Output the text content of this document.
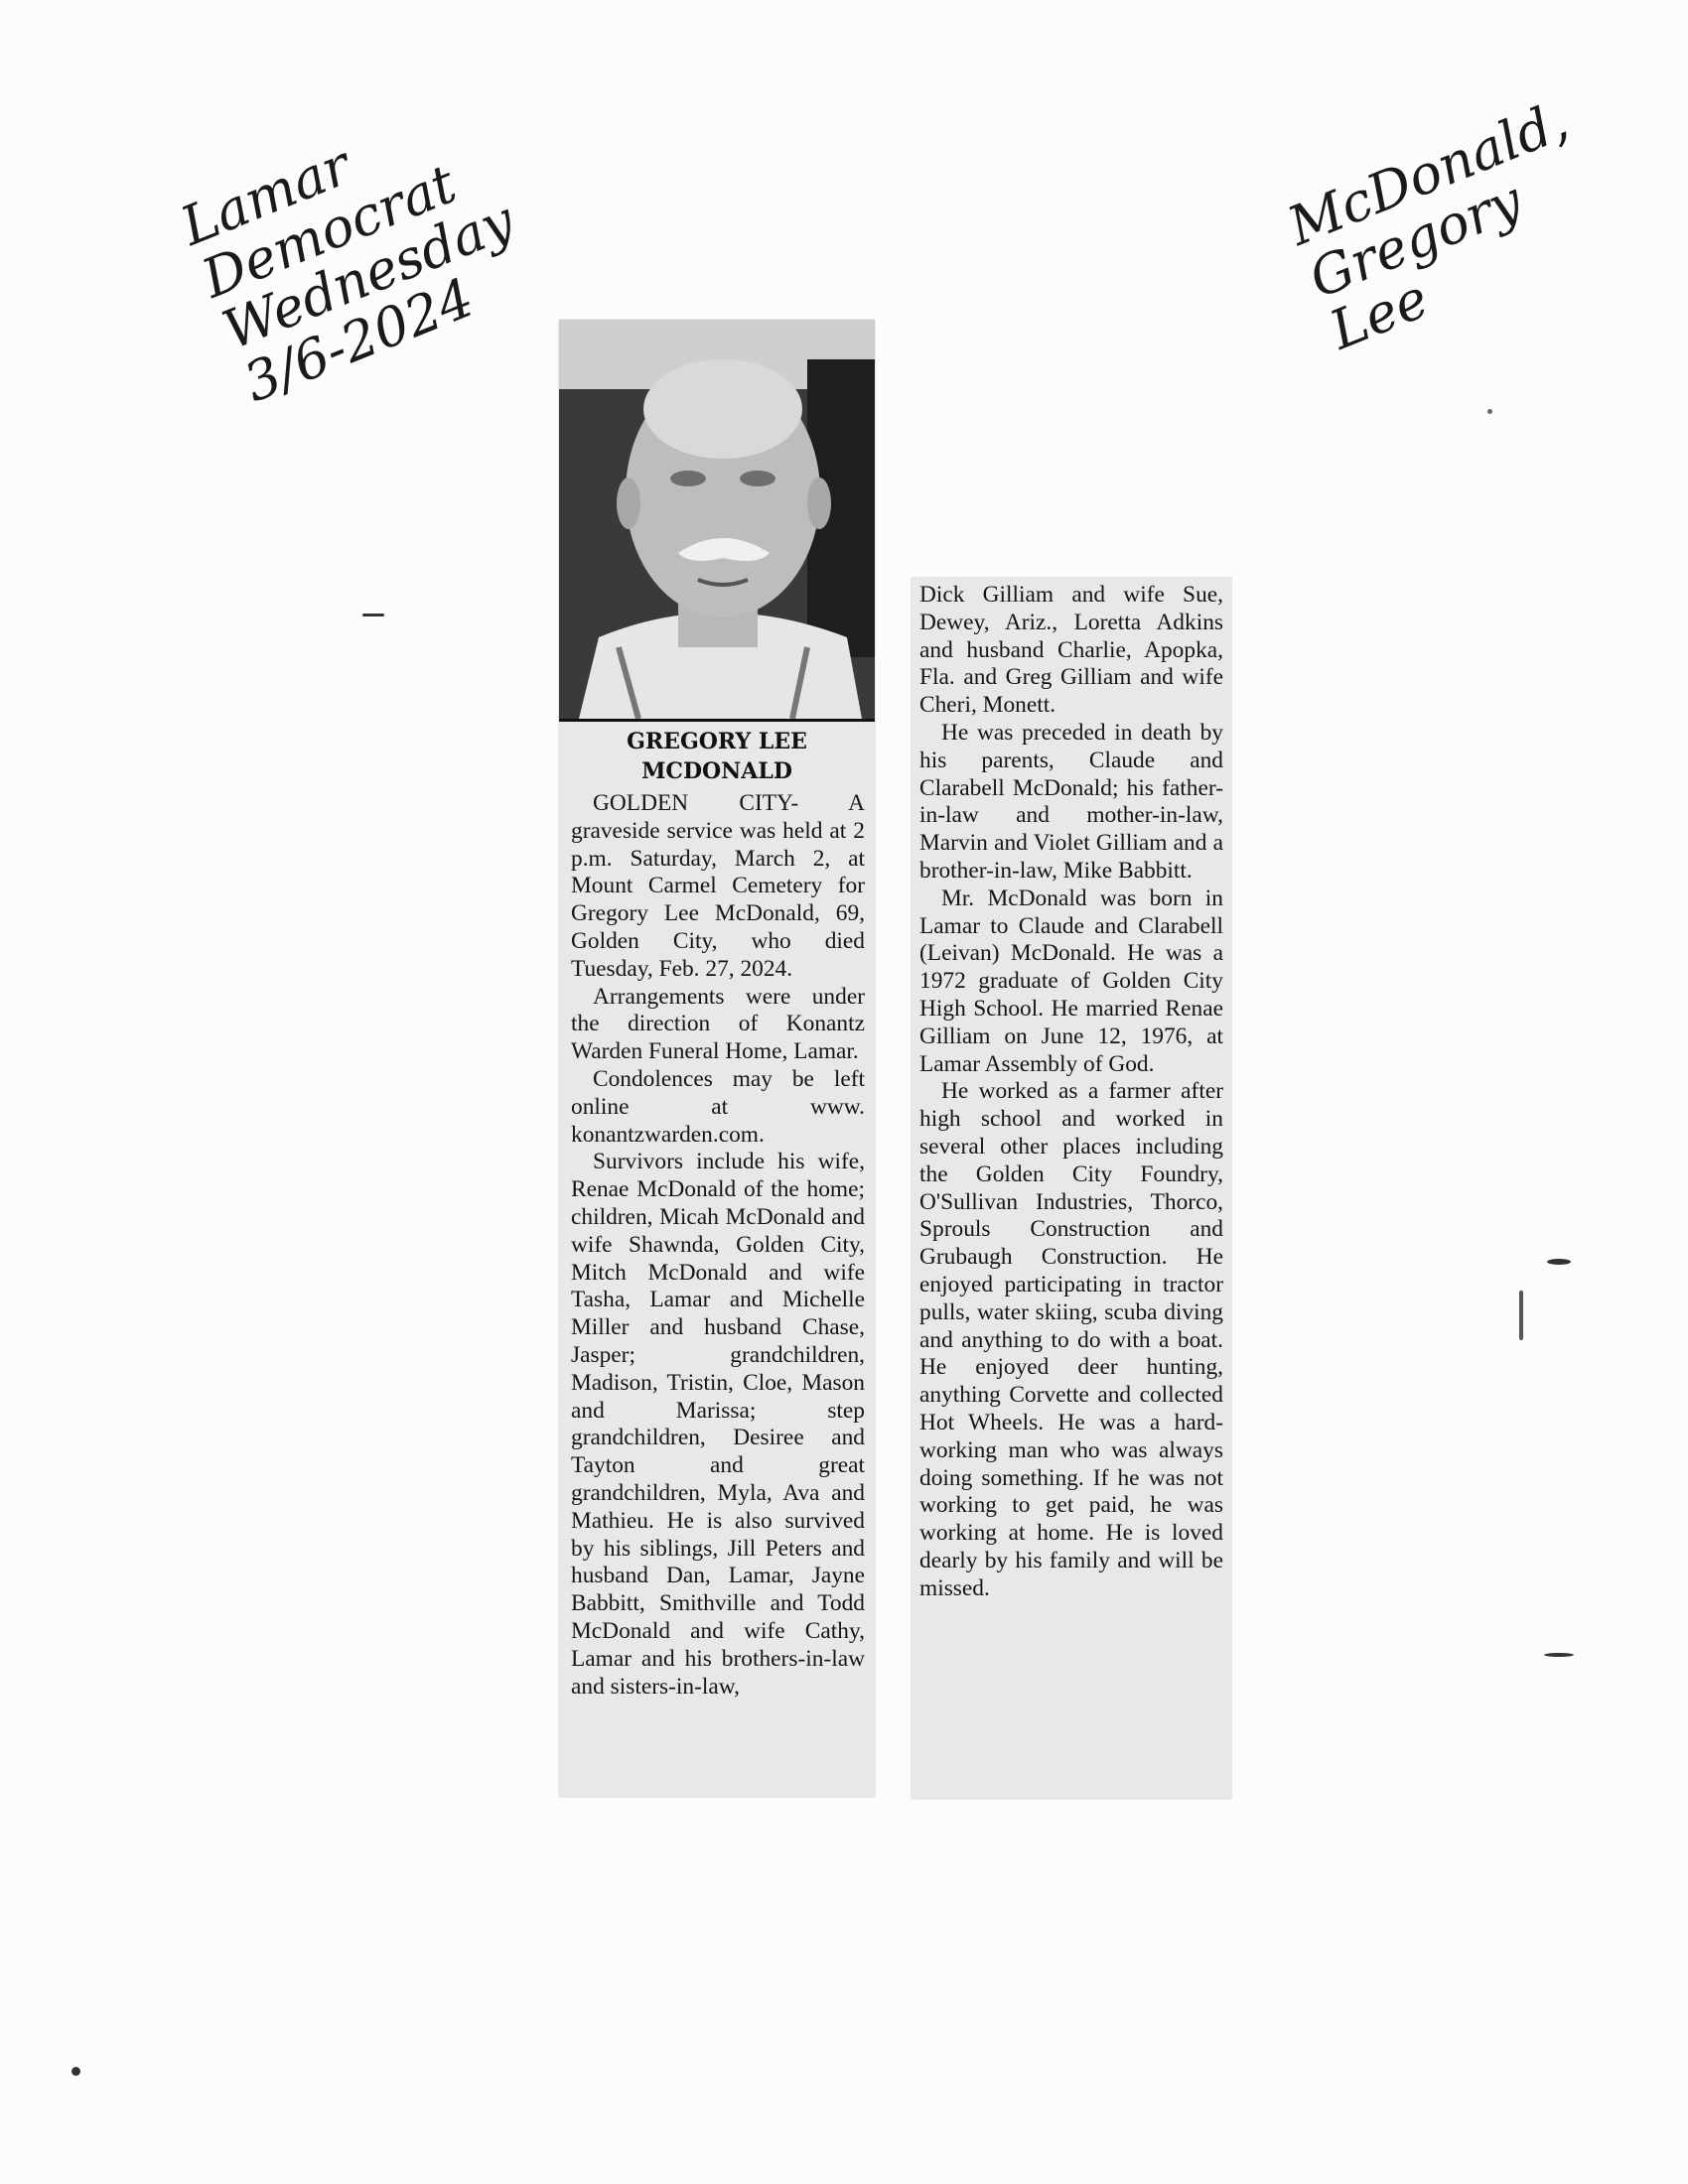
Lamar
Democrat
Wednesday
3/6-2024
McDonald,
Gregory
Lee
GREGORY LEE
MCDONALD

GOLDEN CITY- A graveside service was held at 2 p.m. Saturday, March 2, at Mount Carmel Cemetery for Gregory Lee McDonald, 69, Golden City, who died Tuesday, Feb. 27, 2024.

Arrangements were under the direction of Konantz Warden Funeral Home, Lamar.

Condolences may be left online at www. konantzwarden.com.

Survivors include his wife, Renae McDonald of the home; children, Micah McDonald and wife Shawnda, Golden City, Mitch McDonald and wife Tasha, Lamar and Michelle Miller and husband Chase, Jasper; grandchildren, Madison, Tristin, Cloe, Mason and Marissa; step grandchildren, Desiree and Tayton and great grandchildren, Myla, Ava and Mathieu. He is also survived by his siblings, Jill Peters and husband Dan, Lamar, Jayne Babbitt, Smithville and Todd McDonald and wife Cathy, Lamar and his brothers-in-law and sisters-in-law,

Dick Gilliam and wife Sue, Dewey, Ariz., Loretta Adkins and husband Charlie, Apopka, Fla. and Greg Gilliam and wife Cheri, Monett.

He was preceded in death by his parents, Claude and Clarabell McDonald; his father-in-law and mother-in-law, Marvin and Violet Gilliam and a brother-in-law, Mike Babbitt.

Mr. McDonald was born in Lamar to Claude and Clarabell (Leivan) McDonald. He was a 1972 graduate of Golden City High School. He married Renae Gilliam on June 12, 1976, at Lamar Assembly of God.

He worked as a farmer after high school and worked in several other places including the Golden City Foundry, O'Sullivan Industries, Thorco, Sprouls Construction and Grubaugh Construction. He enjoyed participating in tractor pulls, water skiing, scuba diving and anything to do with a boat. He enjoyed deer hunting, anything Corvette and collected Hot Wheels. He was a hard-working man who was always doing something. If he was not working to get paid, he was working at home. He is loved dearly by his family and will be missed.
